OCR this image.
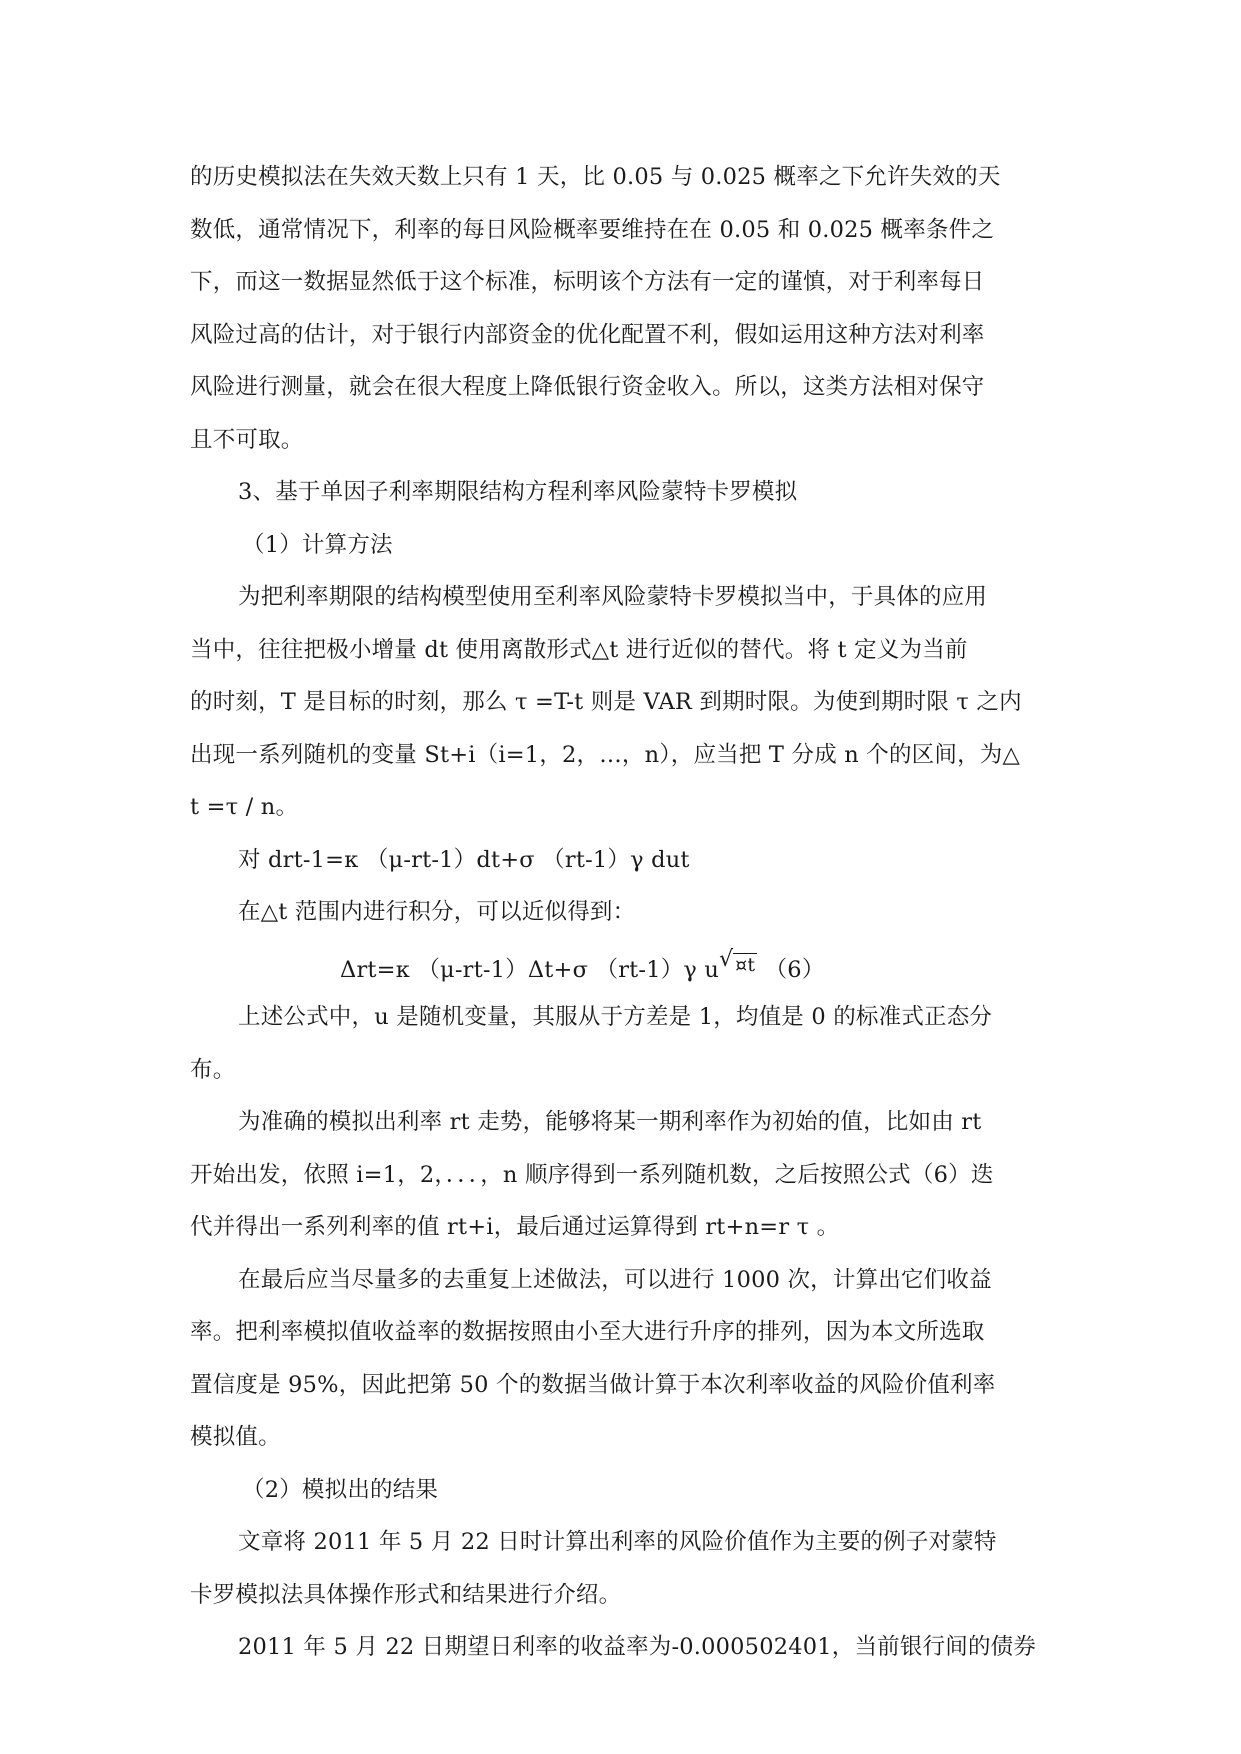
的历史模拟法在失效天数上只有 1 天，比 0.05 与 0.025 概率之下允许失效的天
数低，通常情况下，利率的每日风险概率要维持在在 0.05 和 0.025 概率条件之
下，而这一数据显然低于这个标准，标明该个方法有一定的谨慎，对于利率每日
风险过高的估计，对于银行内部资金的优化配置不利，假如运用这种方法对利率
风险进行测量，就会在很大程度上降低银行资金收入。所以，这类方法相对保守
且不可取。
3、基于单因子利率期限结构方程利率风险蒙特卡罗模拟
（1）计算方法
为把利率期限的结构模型使用至利率风险蒙特卡罗模拟当中，于具体的应用
当中，往往把极小增量 dt 使用离散形式△t 进行近似的替代。将 t 定义为当前
的时刻，T 是目标的时刻，那么 τ =T-t 则是 VAR 到期时限。为使到期时限 τ 之内
出现一系列随机的变量 St+i（i=1，2，…，n），应当把 T 分成 n 个的区间，为△
t =τ / n。
对 drt-1=κ （μ-rt-1）dt+σ （rt-1）γ dut
在△t 范围内进行积分，可以近似得到：
Δrt=κ （μ-rt-1）Δt+σ （rt-1）γ u √ ¤t （6）
上述公式中，u 是随机变量，其服从于方差是 1，均值是 0 的标准式正态分
布。
为准确的模拟出利率 rt 走势，能够将某一期利率作为初始的值，比如由 rt
开始出发，依照 i=1，2，．．．，n 顺序得到一系列随机数，之后按照公式（6）迭
代并得出一系列利率的值 rt+i，最后通过运算得到 rt+n=r τ 。
在最后应当尽量多的去重复上述做法，可以进行 1000 次，计算出它们收益
率。把利率模拟值收益率的数据按照由小至大进行升序的排列，因为本文所选取
置信度是 95%，因此把第 50 个的数据当做计算于本次利率收益的风险价值利率
模拟值。
（2）模拟出的结果
文章将 2011 年 5 月 22 日时计算出利率的风险价值作为主要的例子对蒙特
卡罗模拟法具体操作形式和结果进行介绍。
2011 年 5 月 22 日期望日利率的收益率为-0.000502401，当前银行间的债券
